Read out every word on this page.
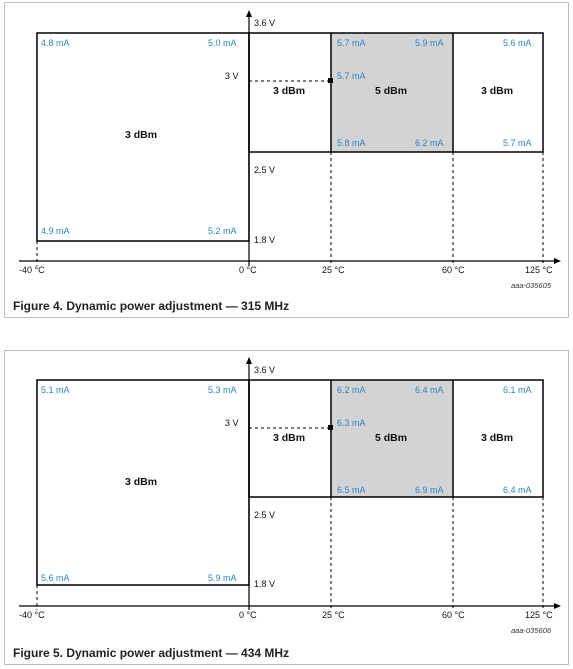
3.6 V
3 V
2.5 V
1.8 V
-40 °C	0 °C	25 °C	60 °C	125 °C
3 dBm
3 dBm	5 dBm	3 dBm
4.8 mA	5.0 mA
4.9 mA	5.2 mA
5.7 mA	5.9 mA
5.7 mA
5.8 mA	6.2 mA
5.6 mA
5.7 mA
aaa-035605
Figure 4. Dynamic power adjustment — 315 MHz
3.6 V
3 V
2.5 V
1.8 V
-40 °C	0 °C	25 °C	60 °C	125 °C
3 dBm
3 dBm	5 dBm	3 dBm
5.1 mA	5.3 mA
5.6 mA	5.9 mA
6.2 mA	6.4 mA
6.3 mA
6.5 mA	6.9 mA
6.1 mA
6.4 mA
aaa-035606
Figure 5. Dynamic power adjustment — 434 MHz
